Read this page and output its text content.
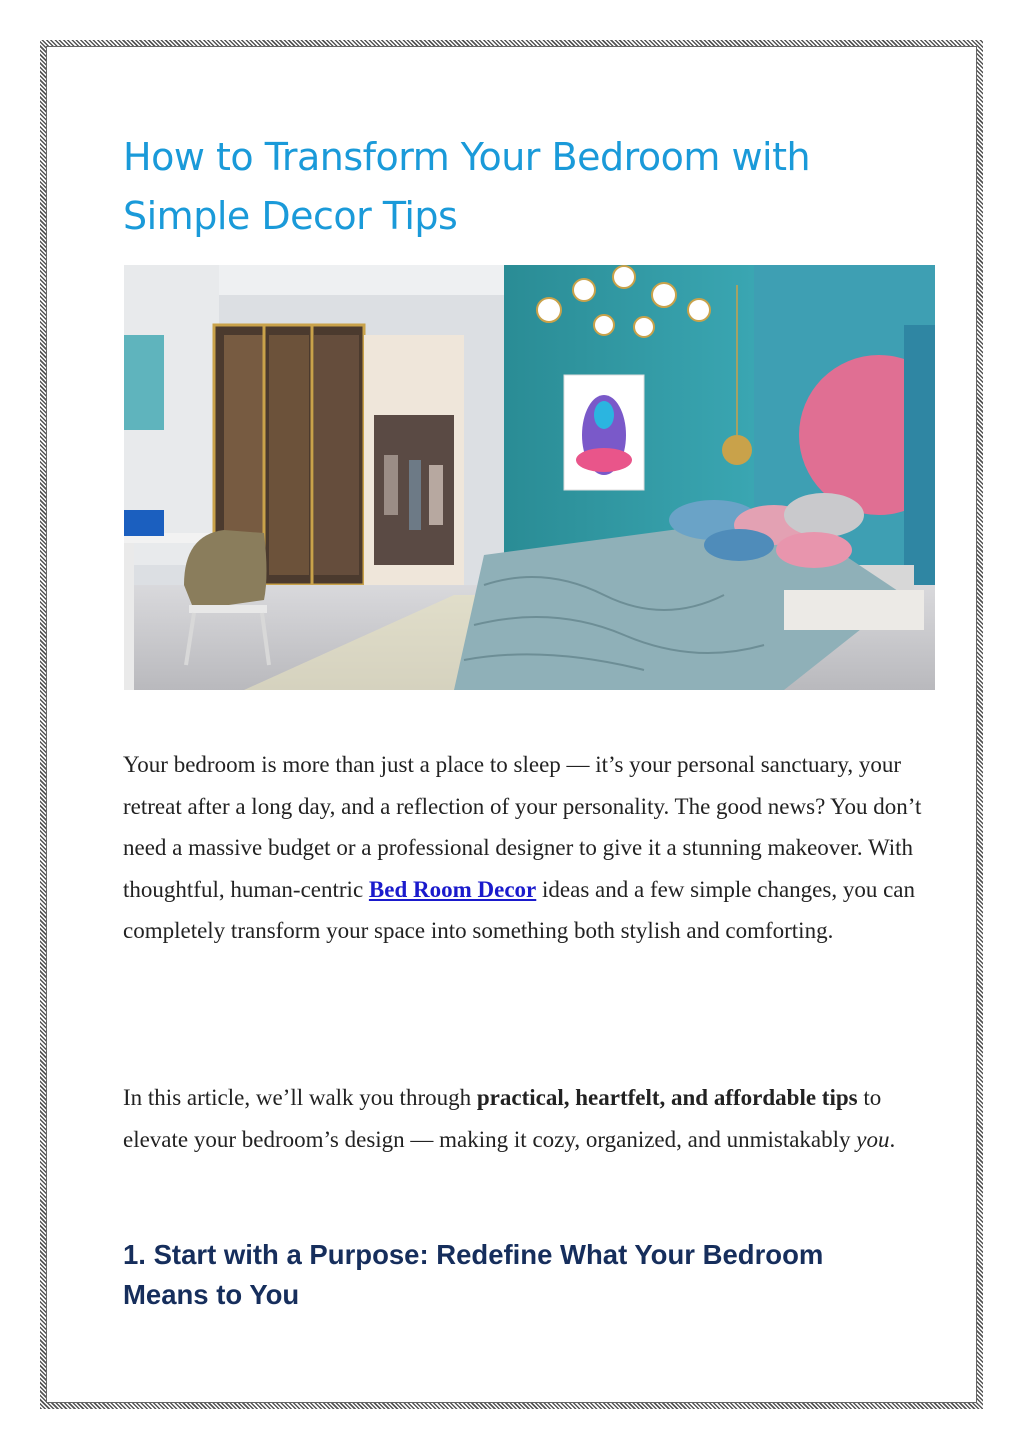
How to Transform Your Bedroom with Simple Decor Tips

Your bedroom is more than just a place to sleep — it’s your personal sanctuary, your retreat after a long day, and a reflection of your personality. The good news? You don’t need a massive budget or a professional designer to give it a stunning makeover. With thoughtful, human-centric Bed Room Decor ideas and a few simple changes, you can completely transform your space into something both stylish and comforting.

In this article, we’ll walk you through practical, heartfelt, and affordable tips to elevate your bedroom’s design — making it cozy, organized, and unmistakably you.

1. Start with a Purpose: Redefine What Your Bedroom Means to You
